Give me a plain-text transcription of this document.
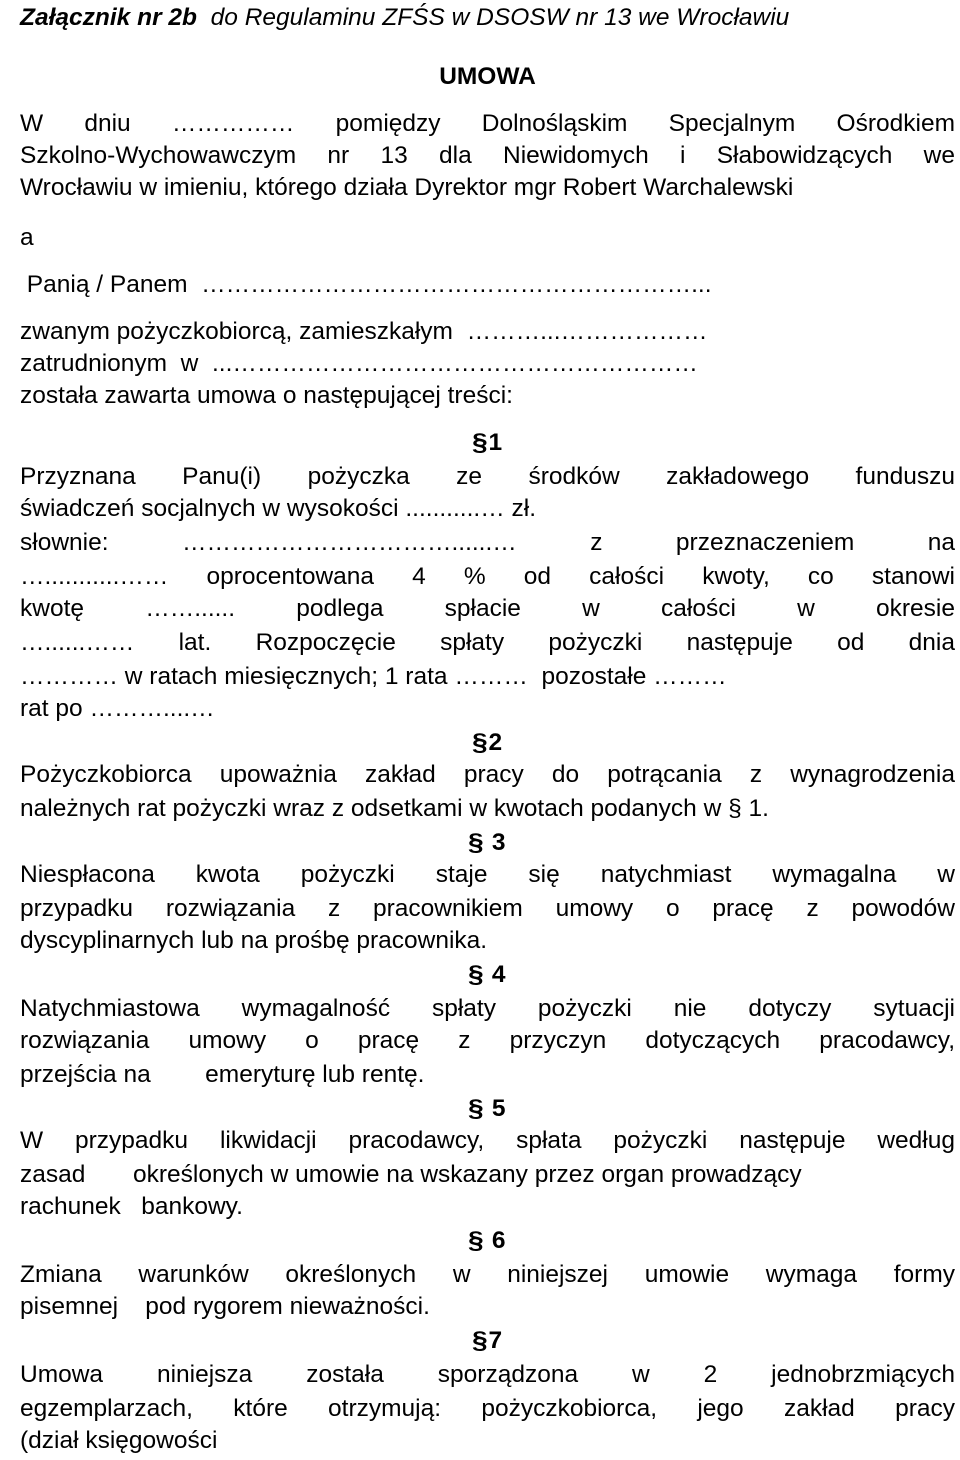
Załącznik nr 2b  do Regulaminu ZFŚS w DSOSW nr 13 we Wrocławiu
UMOWA
W dniu …………… pomiędzy Dolnośląskim Specjalnym Ośrodkiem
Szkolno-Wychowawczym nr 13 dla Niewidomych i Słabowidzących we
Wrocławiu w imieniu, którego działa Dyrektor mgr Robert Warchalewski
a
Panią / Panem  ……………………………………………………...
zwanym pożyczkobiorcą, zamieszkałym  ………...………………
zatrudnionym  w  ...…………………………………………………
została zawarta umowa o następującej treści:
§1
Przyznana Panu(i) pożyczka ze środków zakładowego funduszu
świadczeń socjalnych w wysokości ...........… zł.
słownie: ……………………………......… z przeznaczeniem na
…...........…… oprocentowana 4 % od całości kwoty, co stanowi
kwotę ……...... podlega spłacie w całości w okresie
…......…… lat. Rozpoczęcie spłaty pożyczki następuje od dnia
………… w ratach miesięcznych; 1 rata ………  pozostałe ………
rat po ………....…
§2
Pożyczkobiorca upoważnia zakład pracy do potrącania z wynagrodzenia
należnych rat pożyczki wraz z odsetkami w kwotach podanych w § 1.
§ 3
Niespłacona kwota pożyczki staje się natychmiast wymagalna w
przypadku rozwiązania z pracownikiem umowy o pracę z powodów
dyscyplinarnych lub na prośbę pracownika.
§ 4
Natychmiastowa wymagalność spłaty pożyczki nie dotyczy sytuacji
rozwiązania umowy o pracę z przyczyn dotyczących pracodawcy,
przejścia na        emeryturę lub rentę.
§ 5
W przypadku likwidacji pracodawcy, spłata pożyczki następuje według
zasad       określonych w umowie na wskazany przez organ prowadzący
rachunek   bankowy.
§ 6
Zmiana warunków określonych w niniejszej umowie wymaga formy
pisemnej    pod rygorem nieważności.
§7
Umowa niniejsza została sporządzona w 2 jednobrzmiących
egzemplarzach, które otrzymują: pożyczkobiorca, jego zakład pracy
(dział księgowości
